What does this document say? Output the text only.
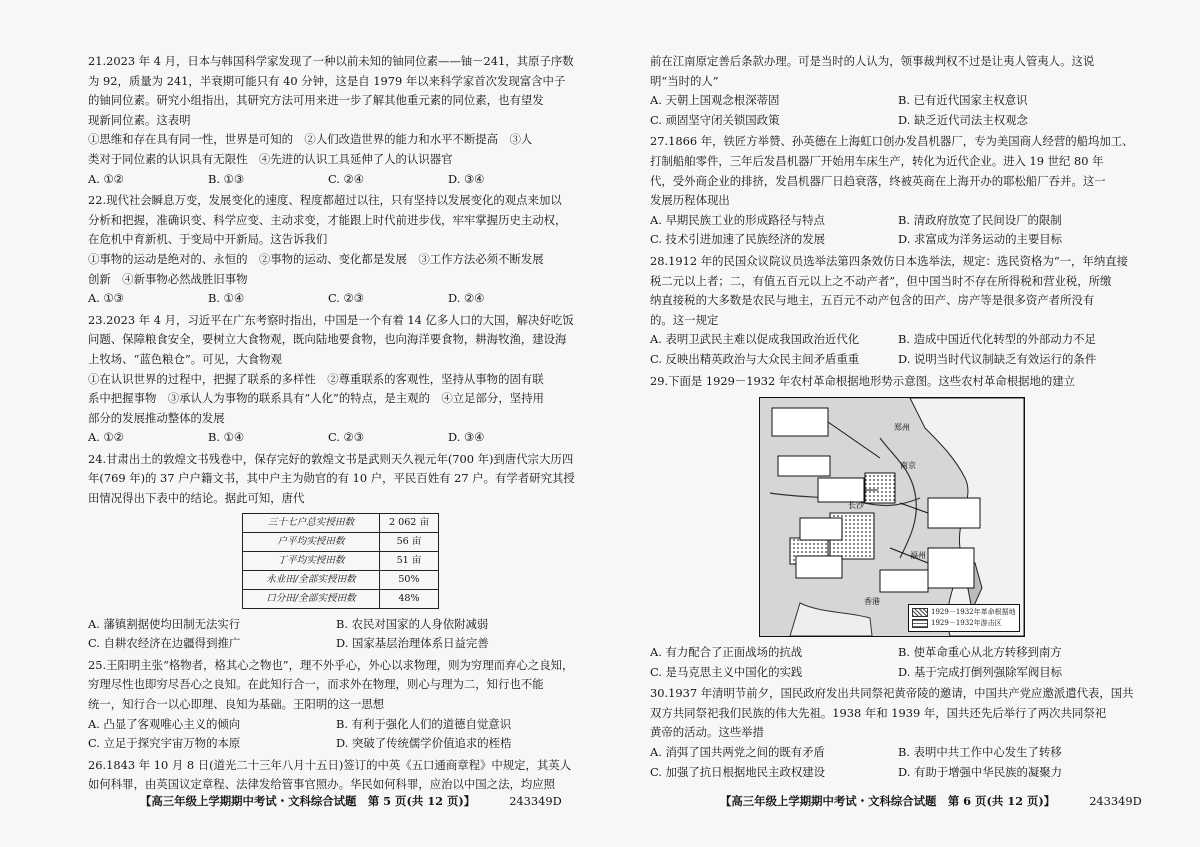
21.2023 年 4 月，日本与韩国科学家发现了一种以前未知的铀同位素——铀－241，其原子序数
为 92，质量为 241，半衰期可能只有 40 分钟，这是自 1979 年以来科学家首次发现富含中子
的铀同位素。研究小组指出，其研究方法可用来进一步了解其他重元素的同位素，也有望发
现新同位素。这表明
①思维和存在具有同一性，世界是可知的　②人们改造世界的能力和水平不断提高　③人
类对于同位素的认识具有无限性　④先进的认识工具延伸了人的认识器官
A. ①②	B. ①③	C. ②④	D. ③④
22.现代社会瞬息万变，发展变化的速度、程度都超过以往，只有坚持以发展变化的观点来加以
分析和把握，准确识变、科学应变、主动求变，才能跟上时代前进步伐，牢牢掌握历史主动权，
在危机中育新机、于变局中开新局。这告诉我们
①事物的运动是绝对的、永恒的　②事物的运动、变化都是发展　③工作方法必须不断发展
创新　④新事物必然战胜旧事物
A. ①③	B. ①④	C. ②③	D. ②④
23.2023 年 4 月，习近平在广东考察时指出，中国是一个有着 14 亿多人口的大国，解决好吃饭
问题、保障粮食安全，要树立大食物观，既向陆地要食物，也向海洋要食物，耕海牧渔，建设海
上牧场、“蓝色粮仓”。可见，大食物观
①在认识世界的过程中，把握了联系的多样性　②尊重联系的客观性，坚持从事物的固有联
系中把握事物　③承认人为事物的联系具有“人化”的特点，是主观的　④立足部分，坚持用
部分的发展推动整体的发展
A. ①②	B. ①④	C. ②③	D. ③④
24.甘肃出土的敦煌文书残卷中，保存完好的敦煌文书是武则天久视元年(700 年)到唐代宗大历四
年(769 年)的 37 户户籍文书，其中户主为勋官的有 10 户，平民百姓有 27 户。有学者研究其授
田情况得出下表中的结论。据此可知，唐代
三十七户总实授田数	2 062 亩
户平均实授田数	56 亩
丁平均实授田数	51 亩
永业田/全部实授田数	50%
口分田/全部实授田数	48%
A. 藩镇割据使均田制无法实行	B. 农民对国家的人身依附减弱
C. 自耕农经济在边疆得到推广	D. 国家基层治理体系日益完善
25.王阳明主张“格物者，格其心之物也”，理不外乎心，外心以求物理，则为穷理而弃心之良知，
穷理尽性也即穷尽吾心之良知。在此知行合一，而求外在物理，则心与理为二，知行也不能
统一，知行合一以心即理、良知为基础。王阳明的这一思想
A. 凸显了客观唯心主义的倾向	B. 有利于强化人们的道德自觉意识
C. 立足于探究宇宙万物的本原	D. 突破了传统儒学价值追求的桎梏
26.1843 年 10 月 8 日(道光二十三年八月十五日)签订的中英《五口通商章程》中规定，其英人
如何科罪，由英国议定章程、法律发给管事官照办。华民如何科罪，应治以中国之法，均应照
【高三年级上学期期中考试・文科综合试题　第 5 页(共 12 页)】	243349D
前在江南原定善后条款办理。可是当时的人认为，领事裁判权不过是让夷人管夷人。这说
明“当时的人”
A. 天朝上国观念根深蒂固	B. 已有近代国家主权意识
C. 顽固坚守闭关锁国政策	D. 缺乏近代司法主权观念
27.1866 年，铁匠方举赞、孙英德在上海虹口创办发昌机器厂，专为美国商人经营的船坞加工、
打制船舶零件，三年后发昌机器厂开始用车床生产，转化为近代企业。进入 19 世纪 80 年
代，受外商企业的排挤，发昌机器厂日趋衰落，终被英商在上海开办的耶松船厂吞并。这一
发展历程体现出
A. 早期民族工业的形成路径与特点	B. 清政府放宽了民间设厂的限制
C. 技术引进加速了民族经济的发展	D. 求富成为洋务运动的主要目标
28.1912 年的民国众议院议员选举法第四条效仿日本选举法，规定：选民资格为“一，年纳直接
税二元以上者；二，有值五百元以上之不动产者”，但中国当时不存在所得税和营业税，所缴
纳直接税的大多数是农民与地主，五百元不动产包含的田产、房产等是很多资产者所没有
的。这一规定
A. 表明卫武民主难以促成我国政治近代化	B. 造成中国近代化转型的外部动力不足
C. 反映出精英政治与大众民主间矛盾重重	D. 说明当时代议制缺乏有效运行的条件
29.下面是 1929－1932 年农村革命根据地形势示意图。这些农村革命根据地的建立
郑州
南京
长沙
香港
福州
1929－1932年革命根据地
1929－1932年游击区
A. 有力配合了正面战场的抗战	B. 使革命重心从北方转移到南方
C. 是马克思主义中国化的实践	D. 基于完成打倒列强除军阀目标
30.1937 年清明节前夕，国民政府发出共同祭祀黄帝陵的邀请，中国共产党应邀派遣代表，国共
双方共同祭祀我们民族的伟大先祖。1938 年和 1939 年，国共还先后举行了两次共同祭祀
黄帝的活动。这些举措
A. 消弭了国共两党之间的既有矛盾	B. 表明中共工作中心发生了转移
C. 加强了抗日根据地民主政权建设	D. 有助于增强中华民族的凝聚力
【高三年级上学期期中考试・文科综合试题　第 6 页(共 12 页)】	243349D
